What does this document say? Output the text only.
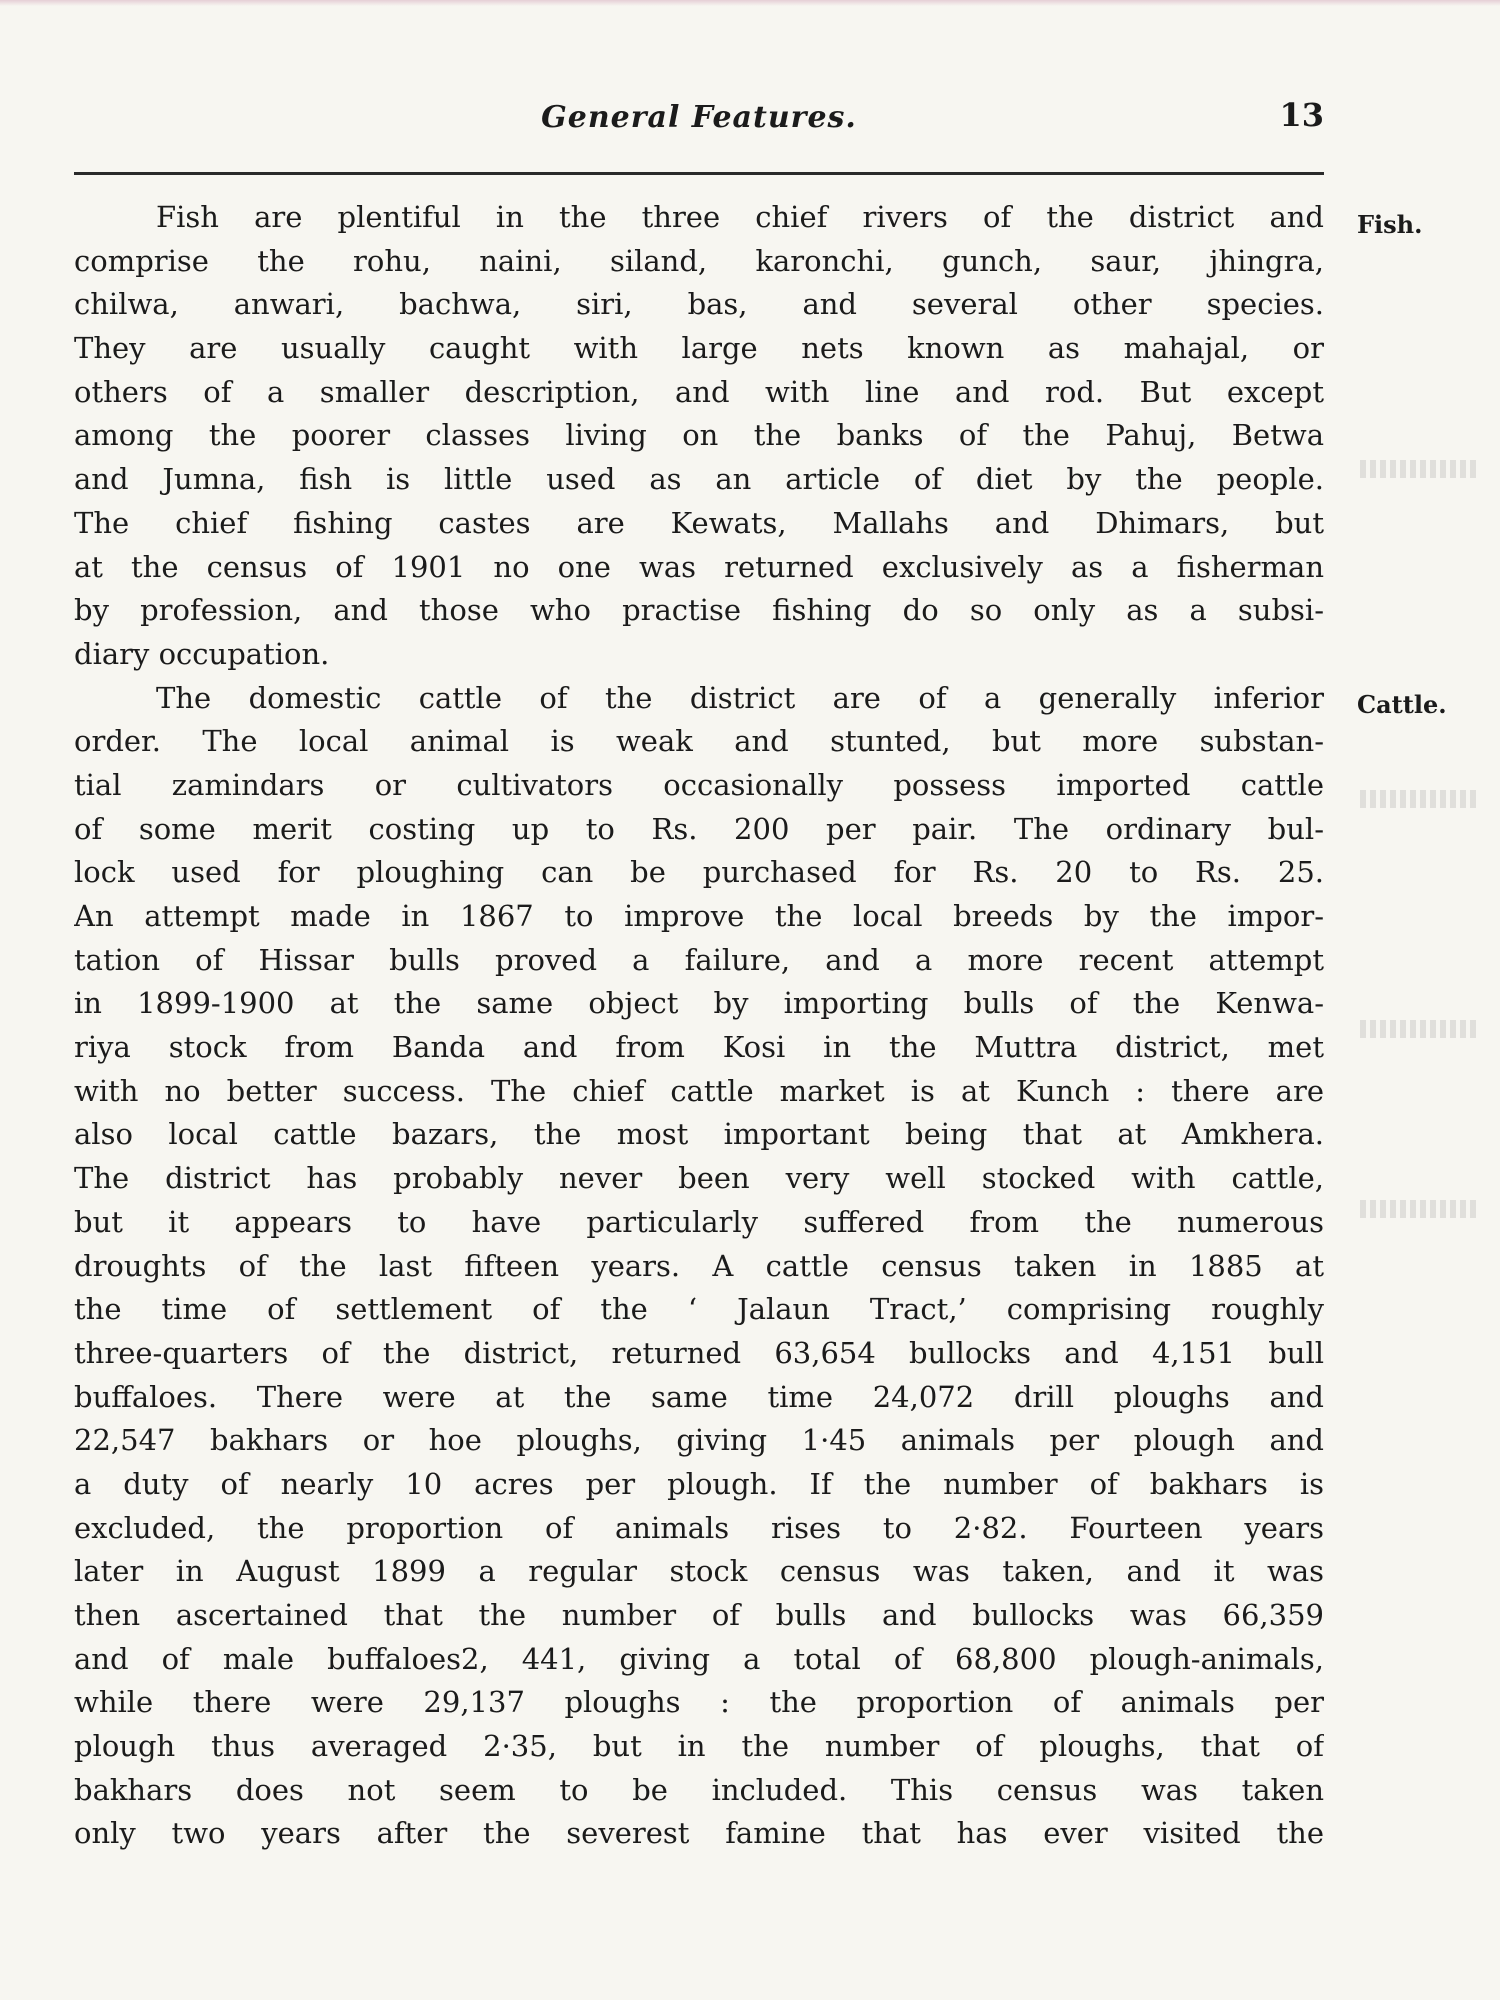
General Features.	13
Fish.
Cattle.
Fish are plentiful in the three chief rivers of the district and
comprise the rohu, naini, siland, karonchi, gunch, saur, jhingra,
chilwa, anwari, bachwa, siri, bas, and several other species.
They are usually caught with large nets known as mahajal, or
others of a smaller description, and with line and rod. But except
among the poorer classes living on the banks of the Pahuj, Betwa
and Jumna, fish is little used as an article of diet by the people.
The chief fishing castes are Kewats, Mallahs and Dhimars, but
at the census of 1901 no one was returned exclusively as a fisherman
by profession, and those who practise fishing do so only as a subsi-
diary occupation.
The domestic cattle of the district are of a generally inferior
order. The local animal is weak and stunted, but more substan-
tial zamindars or cultivators occasionally possess imported cattle
of some merit costing up to Rs. 200 per pair. The ordinary bul-
lock used for ploughing can be purchased for Rs. 20 to Rs. 25.
An attempt made in 1867 to improve the local breeds by the impor-
tation of Hissar bulls proved a failure, and a more recent attempt
in 1899-1900 at the same object by importing bulls of the Kenwa-
riya stock from Banda and from Kosi in the Muttra district, met
with no better success. The chief cattle market is at Kunch : there are
also local cattle bazars, the most important being that at Amkhera.
The district has probably never been very well stocked with cattle,
but it appears to have particularly suffered from the numerous
droughts of the last fifteen years. A cattle census taken in 1885 at
the time of settlement of the ‘ Jalaun Tract,’ comprising roughly
three-quarters of the district, returned 63,654 bullocks and 4,151 bull
buffaloes. There were at the same time 24,072 drill ploughs and
22,547 bakhars or hoe ploughs, giving 1·45 animals per plough and
a duty of nearly 10 acres per plough. If the number of bakhars is
excluded, the proportion of animals rises to 2·82. Fourteen years
later in August 1899 a regular stock census was taken, and it was
then ascertained that the number of bulls and bullocks was 66,359
and of male buffaloes2, 441, giving a total of 68,800 plough-animals,
while there were 29,137 ploughs : the proportion of animals per
plough thus averaged 2·35, but in the number of ploughs, that of
bakhars does not seem to be included. This census was taken
only two years after the severest famine that has ever visited the
